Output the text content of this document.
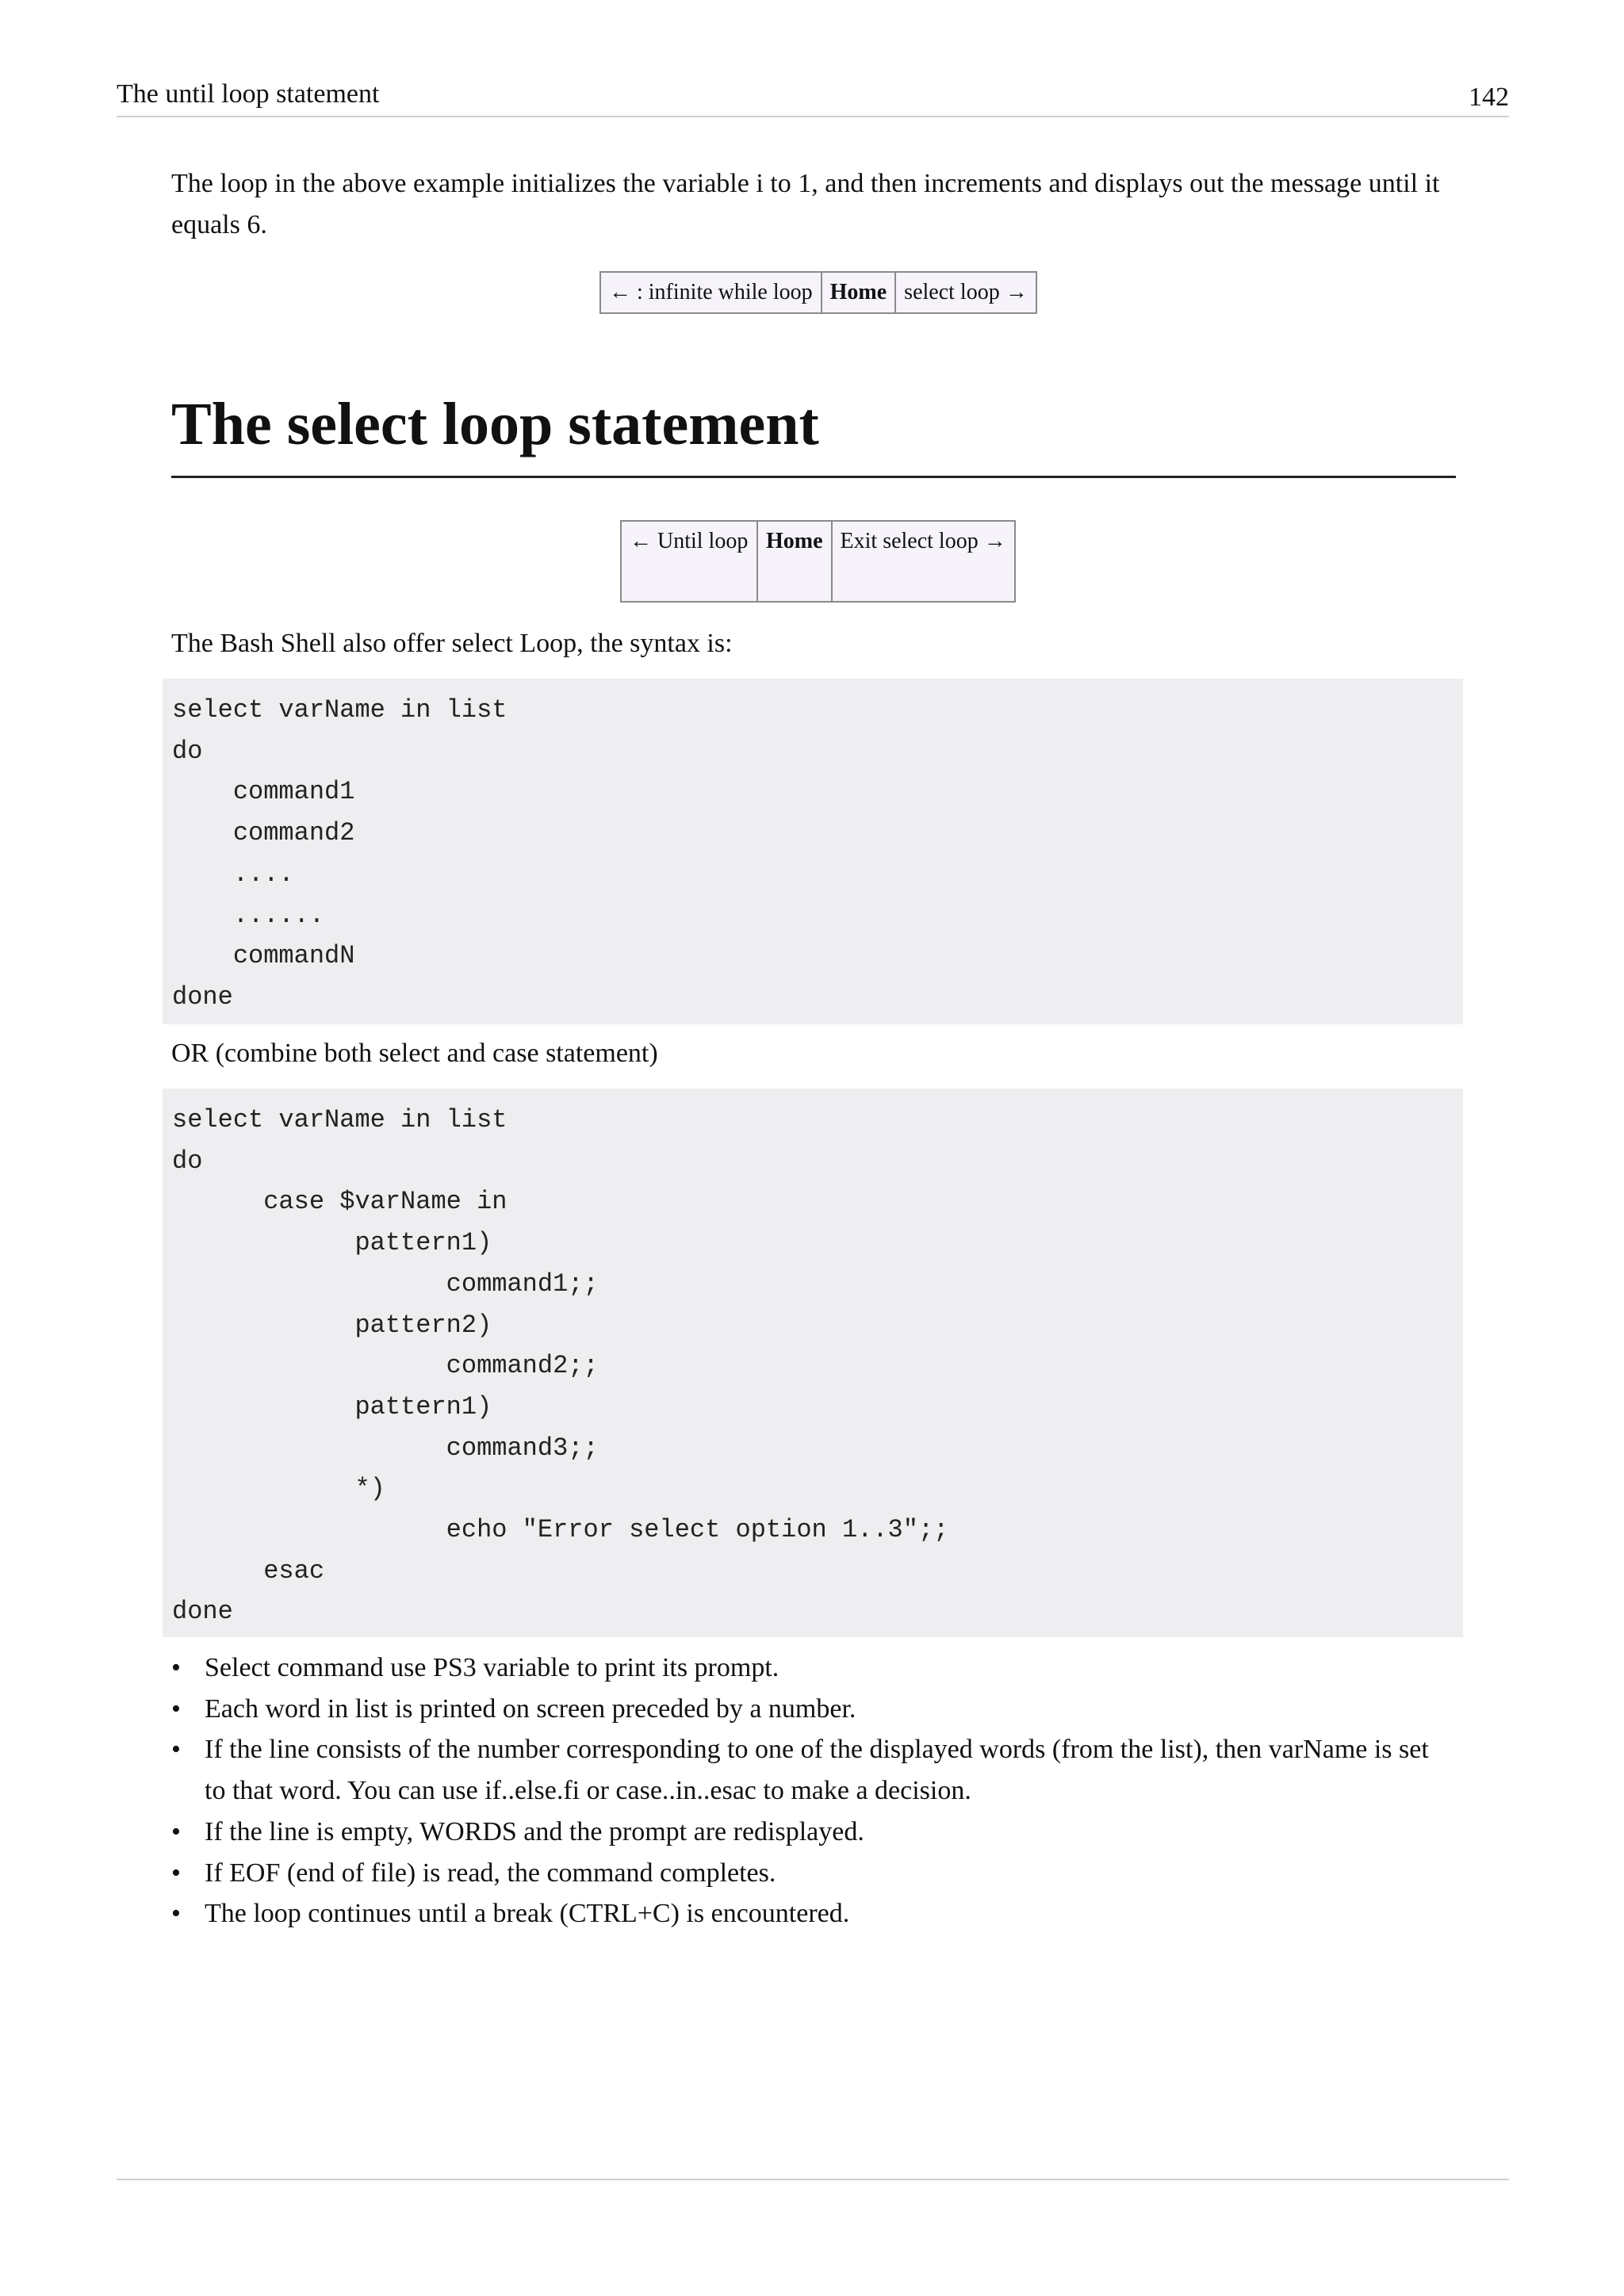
The until loop statement	142

The loop in the above example initializes the variable i to 1, and then increments and displays out the message until it equals 6.

← : infinite while loop	Home	select loop →
The select loop statement
← Until loop	Home	Exit select loop →

The Bash Shell also offer select Loop, the syntax is:

select varName in list
do
command1
command2
....
......
commandN
done

OR (combine both select and case statement)

select varName in list
do
case $varName in
pattern1)
command1;;
pattern2)
command2;;
pattern1)
command3;;
*)
echo "Error select option 1..3";;
esac
done
• Select command use PS3 variable to print its prompt.
• Each word in list is printed on screen preceded by a number.
• If the line consists of the number corresponding to one of the displayed words (from the list), then varName is set to that word. You can use if..else.fi or case..in..esac to make a decision.
• If the line is empty, WORDS and the prompt are redisplayed.
• If EOF (end of file) is read, the command completes.
• The loop continues until a break (CTRL+C) is encountered.
